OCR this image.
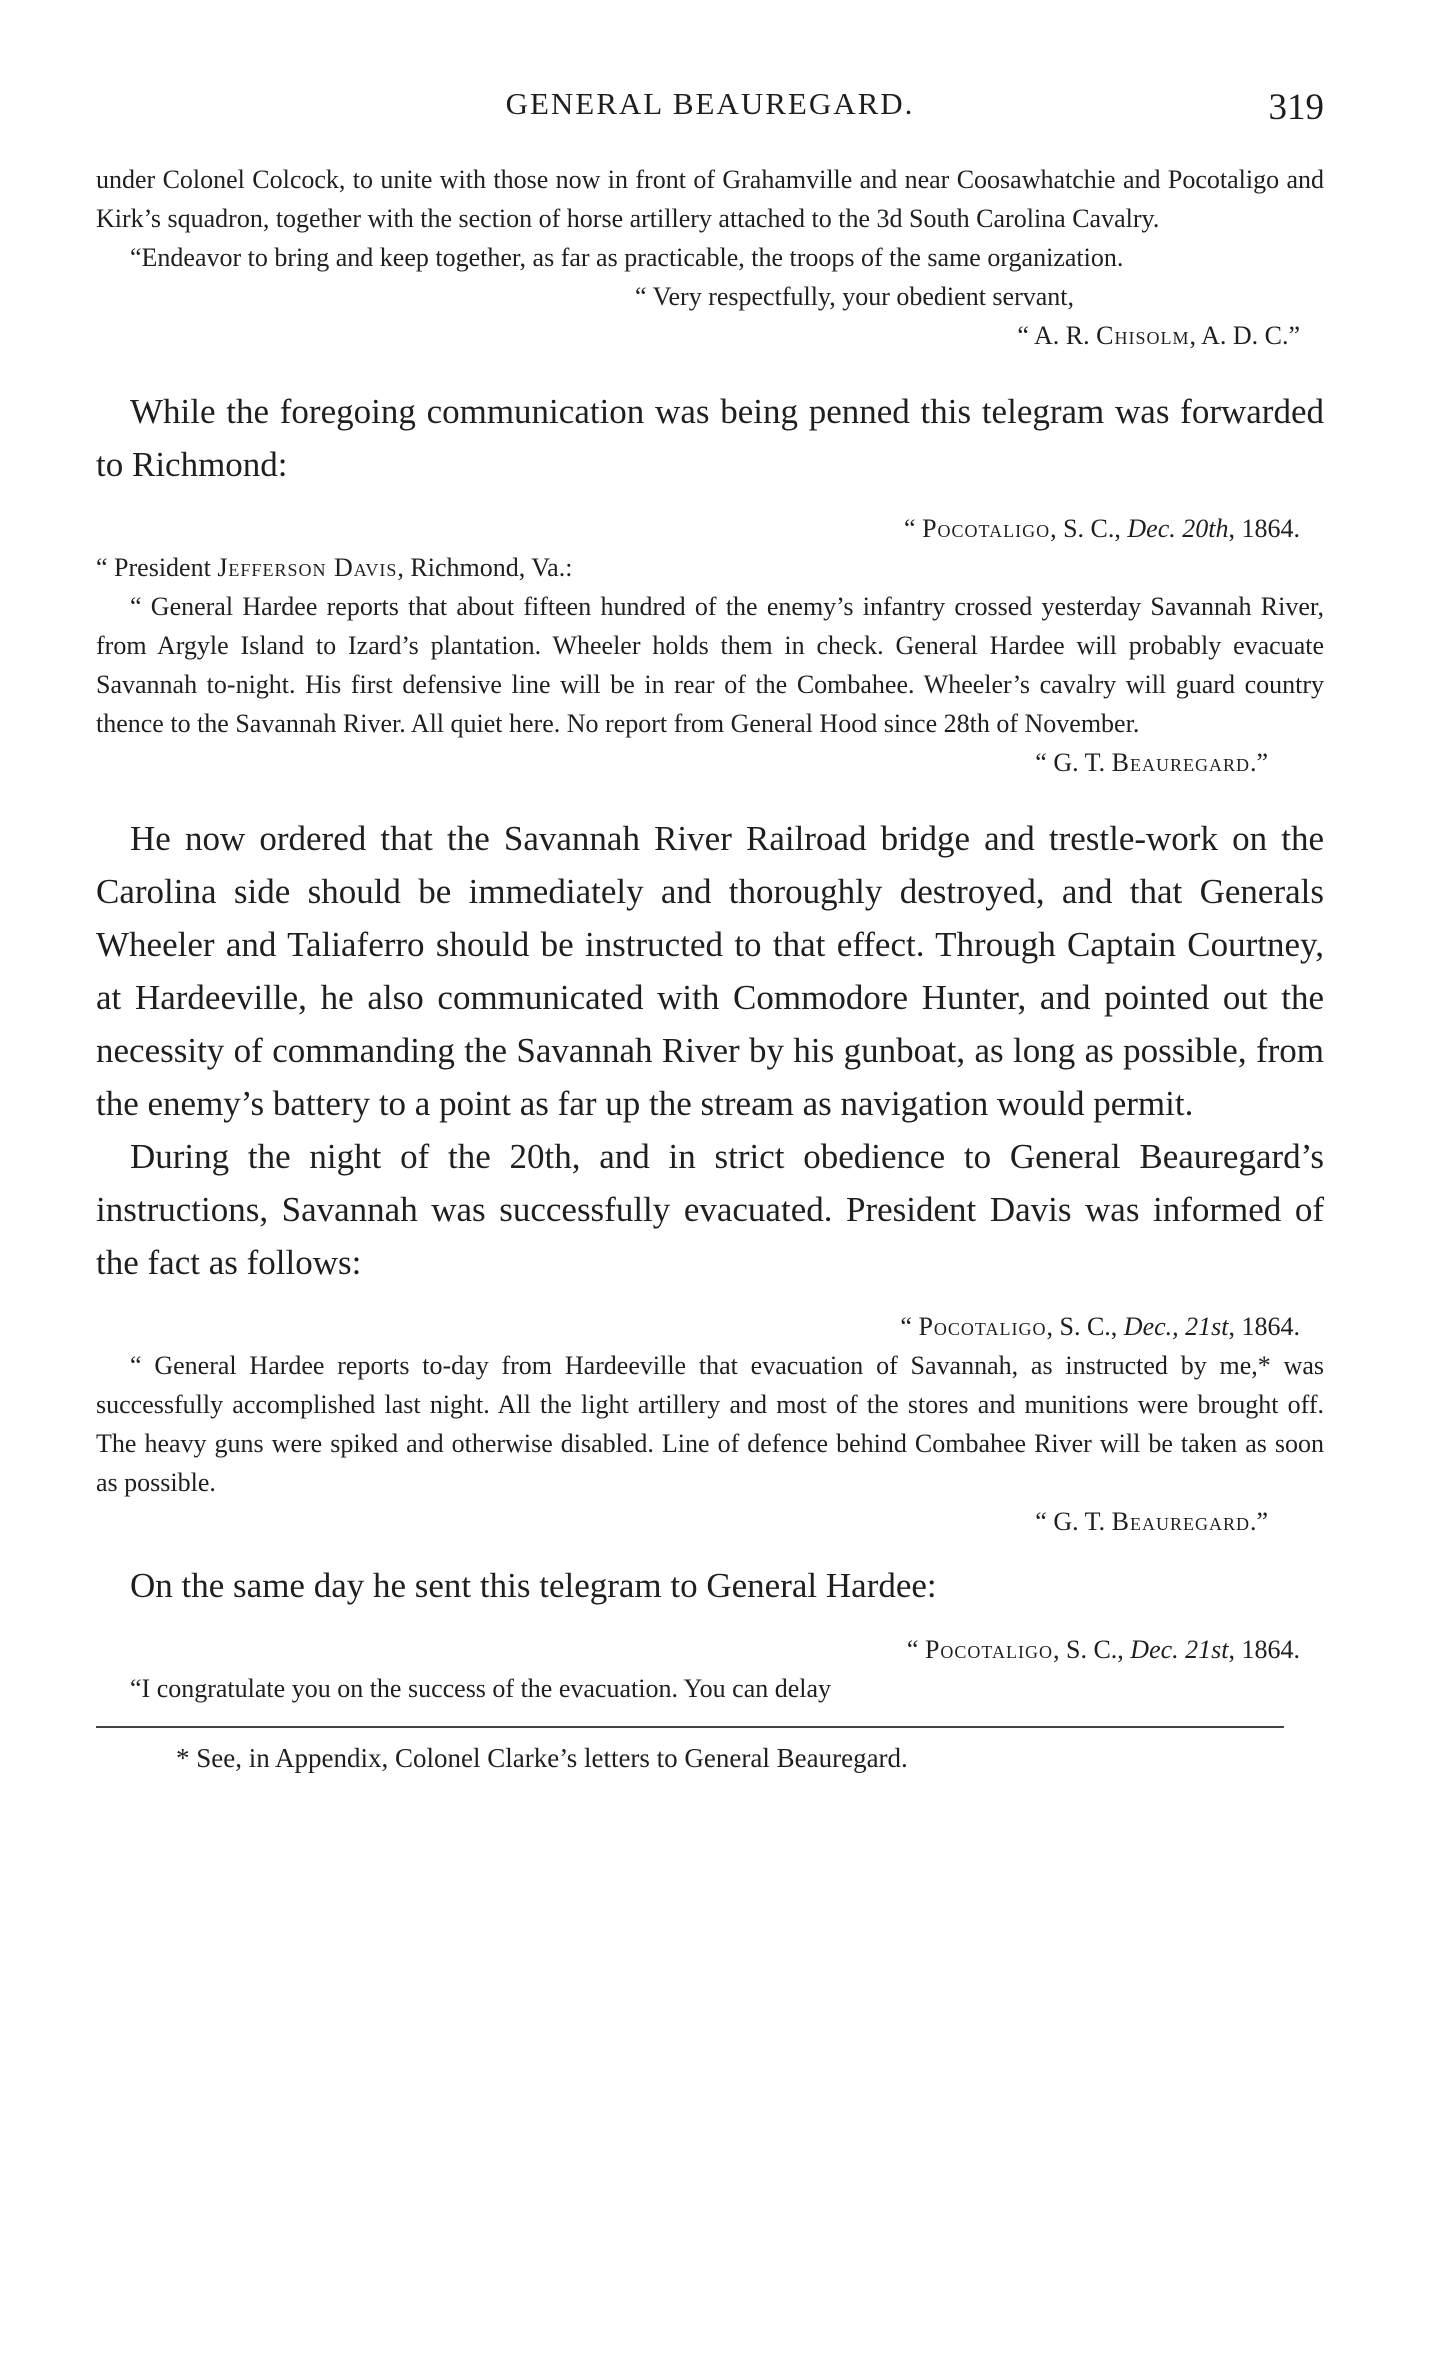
GENERAL BEAUREGARD.	319

under Colonel Colcock, to unite with those now in front of Grahamville and near Coosawhatchie and Pocotaligo and Kirk’s squadron, together with the section of horse artillery attached to the 3d South Carolina Cavalry.

“Endeavor to bring and keep together, as far as practicable, the troops of the same organization.

“ Very respectfully, your obedient servant,

“ A. R. Chisolm, A. D. C.”

While the foregoing communication was being penned this telegram was forwarded to Richmond:

“ Pocotaligo, S. C., Dec. 20th, 1864.

“ President Jefferson Davis, Richmond, Va.:

“ General Hardee reports that about fifteen hundred of the enemy’s infantry crossed yesterday Savannah River, from Argyle Island to Izard’s plantation. Wheeler holds them in check. General Hardee will probably evacuate Savannah to-night. His first defensive line will be in rear of the Combahee. Wheeler’s cavalry will guard country thence to the Savannah River. All quiet here. No report from General Hood since 28th of November.

“ G. T. Beauregard.”

He now ordered that the Savannah River Railroad bridge and trestle-work on the Carolina side should be immediately and thoroughly destroyed, and that Generals Wheeler and Taliaferro should be instructed to that effect. Through Captain Courtney, at Hardeeville, he also communicated with Commodore Hunter, and pointed out the necessity of commanding the Savannah River by his gunboat, as long as possible, from the enemy’s battery to a point as far up the stream as navigation would permit.

During the night of the 20th, and in strict obedience to General Beauregard’s instructions, Savannah was successfully evacuated. President Davis was informed of the fact as follows:

“ Pocotaligo, S. C., Dec., 21st, 1864.

“ General Hardee reports to-day from Hardeeville that evacuation of Savannah, as instructed by me,* was successfully accomplished last night. All the light artillery and most of the stores and munitions were brought off. The heavy guns were spiked and otherwise disabled. Line of defence behind Combahee River will be taken as soon as possible.

“ G. T. Beauregard.”

On the same day he sent this telegram to General Hardee:

“ Pocotaligo, S. C., Dec. 21st, 1864.

“I congratulate you on the success of the evacuation. You can delay

* See, in Appendix, Colonel Clarke’s letters to General Beauregard.
